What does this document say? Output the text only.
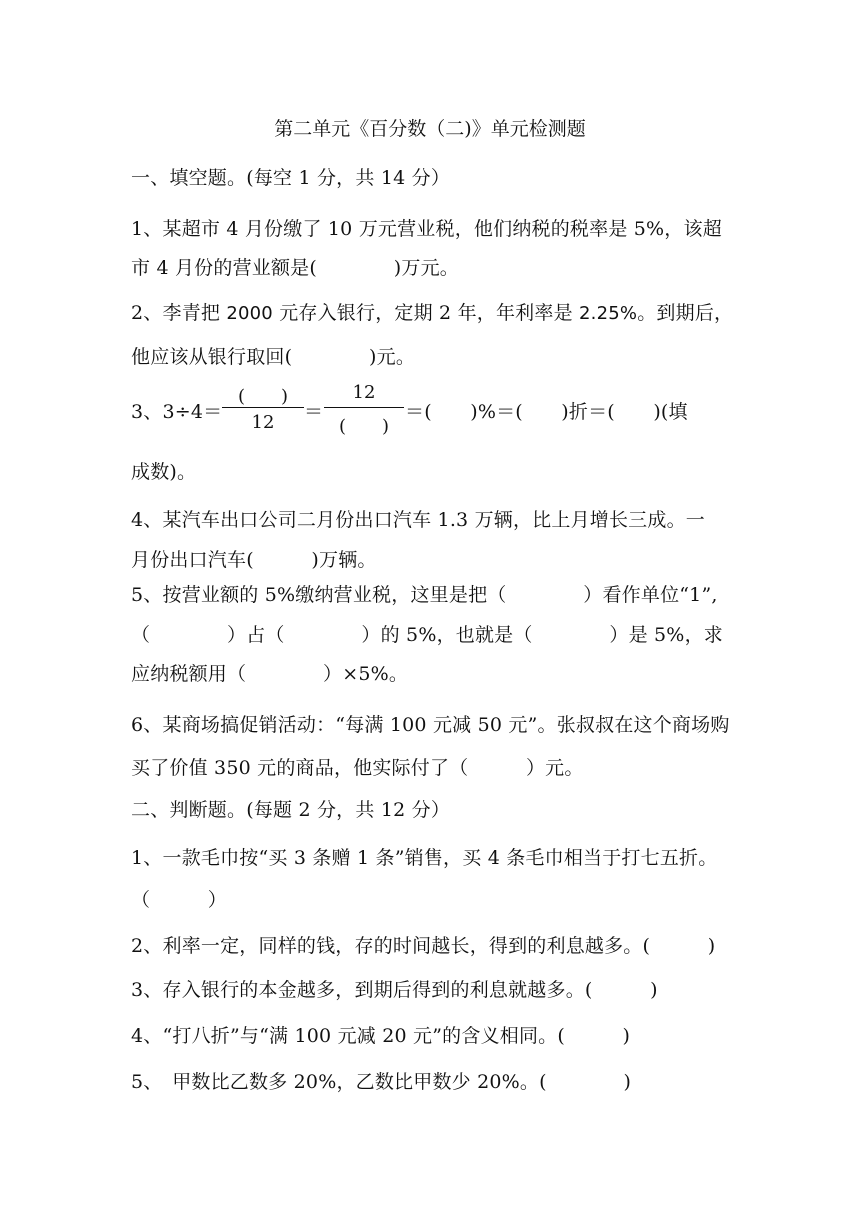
第二单元《百分数（二)》单元检测题
一、填空题。(每空 1 分，共 14 分）
1、某超市 4 月份缴了 10 万元营业税，他们纳税的税率是 5%，该超
市 4 月份的营业额是(　　　　)万元。
2、李青把 2000 元存入银行，定期 2 年，年利率是 2.25%。到期后，
他应该从银行取回(　　　　)元。
3、3÷4＝
(　　)
12	＝
12
(　　)
＝(　　)%＝(　　)折＝(　　)(填
成数)。
4、某汽车出口公司二月份出口汽车 1.3 万辆，比上月增长三成。一
月份出口汽车(　　　)万辆。
5、按营业额的 5%缴纳营业税，这里是把（　　　　）看作单位“1”,
（　　　　）占（　　　　）的 5%，也就是（　　　　）是 5%，求
应纳税额用（　　　　）×5%。
6、某商场搞促销活动：“每满 100 元减 50 元”。张叔叔在这个商场购
买了价值 350 元的商品，他实际付了（　　　）元。
二、判断题。(每题 2 分，共 12 分）
1、一款毛巾按“买 3 条赠 1 条”销售，买 4 条毛巾相当于打七五折。
（　　　）
2、利率一定，同样的钱，存的时间越长，得到的利息越多。(　　　)
3、存入银行的本金越多，到期后得到的利息就越多。(　　　)
4、“打八折”与“满 100 元减 20 元”的含义相同。(　　　)
5、　甲数比乙数多 20%，乙数比甲数少 20%。(　　　　)
